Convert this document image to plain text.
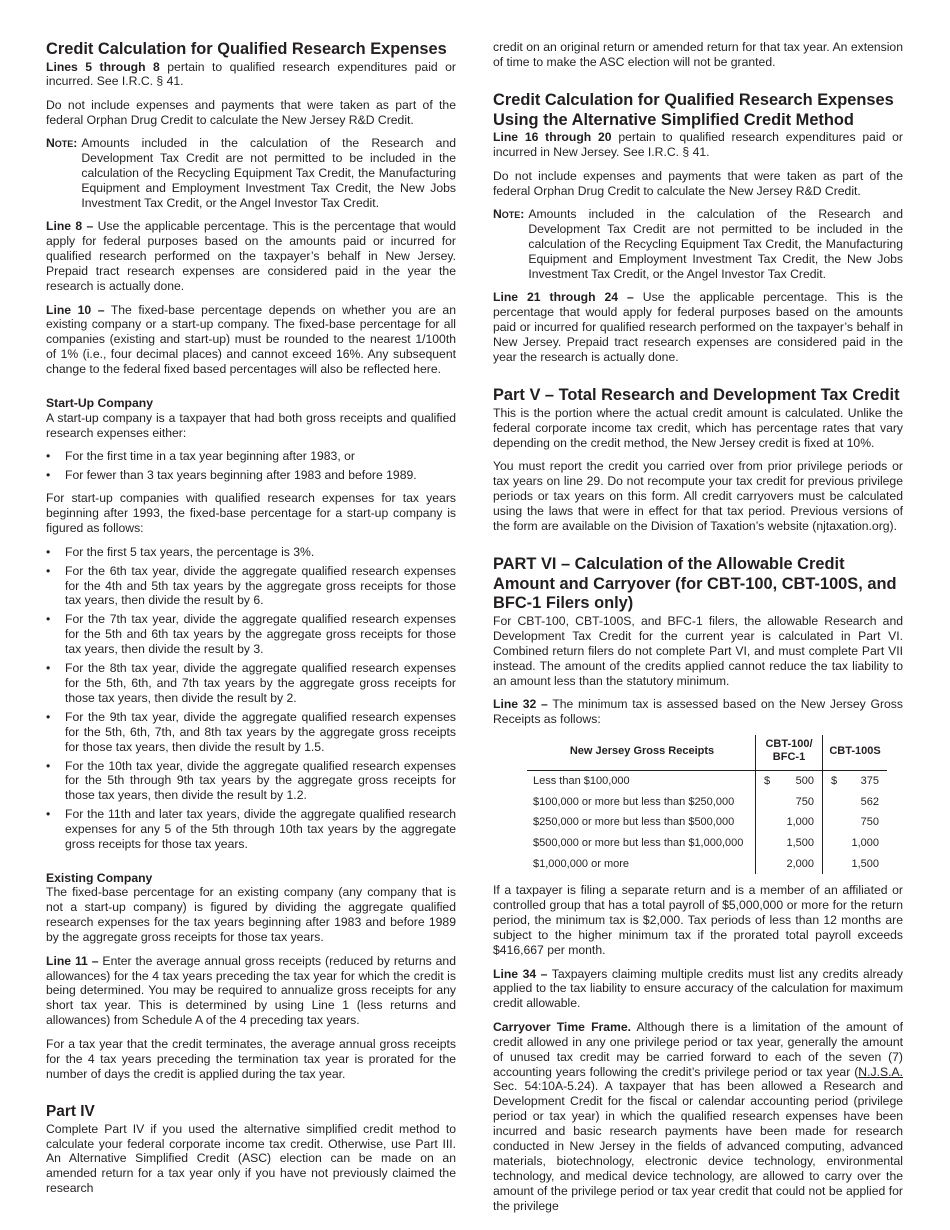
Credit Calculation for Qualified Research Expenses

Lines 5 through 8 pertain to qualified research expenditures paid or incurred. See I.R.C. § 41.

Do not include expenses and payments that were taken as part of the federal Orphan Drug Credit to calculate the New Jersey R&D Credit.

Note: Amounts included in the calculation of the Research and Development Tax Credit are not permitted to be included in the calculation of the Recycling Equipment Tax Credit, the Manufacturing Equipment and Employment Investment Tax Credit, the New Jobs Investment Tax Credit, or the Angel Investor Tax Credit.

Line 8 – Use the applicable percentage. This is the percentage that would apply for federal purposes based on the amounts paid or incurred for qualified research performed on the taxpayer’s behalf in New Jersey. Prepaid tract research expenses are considered paid in the year the research is actually done.

Line 10 – The fixed-base percentage depends on whether you are an existing company or a start-up company. The fixed-base percentage for all companies (existing and start-up) must be rounded to the nearest 1/100th of 1% (i.e., four decimal places) and cannot exceed 16%. Any subsequent change to the federal fixed based percentages will also be reflected here.

Start-Up Company

A start-up company is a taxpayer that had both gross receipts and qualified research expenses either:

• For the first time in a tax year beginning after 1983, or
• For fewer than 3 tax years beginning after 1983 and before 1989.

For start-up companies with qualified research expenses for tax years beginning after 1993, the fixed-base percentage for a start-up company is figured as follows:

• For the first 5 tax years, the percentage is 3%.
• For the 6th tax year, divide the aggregate qualified research expenses for the 4th and 5th tax years by the aggregate gross receipts for those tax years, then divide the result by 6.
• For the 7th tax year, divide the aggregate qualified research expenses for the 5th and 6th tax years by the aggregate gross receipts for those tax years, then divide the result by 3.
• For the 8th tax year, divide the aggregate qualified research expenses for the 5th, 6th, and 7th tax years by the aggregate gross receipts for those tax years, then divide the result by 2.
• For the 9th tax year, divide the aggregate qualified research expenses for the 5th, 6th, 7th, and 8th tax years by the aggregate gross receipts for those tax years, then divide the result by 1.5.
• For the 10th tax year, divide the aggregate qualified research expenses for the 5th through 9th tax years by the aggregate gross receipts for those tax years, then divide the result by 1.2.
• For the 11th and later tax years, divide the aggregate qualified research expenses for any 5 of the 5th through 10th tax years by the aggregate gross receipts for those tax years.
Existing Company

The fixed-base percentage for an existing company (any company that is not a start-up company) is figured by dividing the aggregate qualified research expenses for the tax years beginning after 1983 and before 1989 by the aggregate gross receipts for those tax years.

Line 11 – Enter the average annual gross receipts (reduced by returns and allowances) for the 4 tax years preceding the tax year for which the credit is being determined. You may be required to annualize gross receipts for any short tax year. This is determined by using Line 1 (less returns and allowances) from Schedule A of the 4 preceding tax years.

For a tax year that the credit terminates, the average annual gross receipts for the 4 tax years preceding the termination tax year is prorated for the number of days the credit is applied during the tax year.

Part IV

Complete Part IV if you used the alternative simplified credit method to calculate your federal corporate income tax credit. Otherwise, use Part III. An Alternative Simplified Credit (ASC) election can be made on an amended return for a tax year only if you have not previously claimed the research

credit on an original return or amended return for that tax year. An extension of time to make the ASC election will not be granted.

Credit Calculation for Qualified Research Expenses Using the Alternative Simplified Credit Method

Line 16 through 20 pertain to qualified research expenditures paid or incurred in New Jersey. See I.R.C. § 41.

Do not include expenses and payments that were taken as part of the federal Orphan Drug Credit to calculate the New Jersey R&D Credit.

Note: Amounts included in the calculation of the Research and Development Tax Credit are not permitted to be included in the calculation of the Recycling Equipment Tax Credit, the Manufacturing Equipment and Employment Investment Tax Credit, the New Jobs Investment Tax Credit, or the Angel Investor Tax Credit.

Line 21 through 24 – Use the applicable percentage. This is the percentage that would apply for federal purposes based on the amounts paid or incurred for qualified research performed on the taxpayer’s behalf in New Jersey. Prepaid tract research expenses are considered paid in the year the research is actually done.

Part V – Total Research and Development Tax Credit

This is the portion where the actual credit amount is calculated. Unlike the federal corporate income tax credit, which has percentage rates that vary depending on the credit method, the New Jersey credit is fixed at 10%.

You must report the credit you carried over from prior privilege periods or tax years on line 29. Do not recompute your tax credit for previous privilege periods or tax years on this form. All credit carryovers must be calculated using the laws that were in effect for that tax period. Previous versions of the form are available on the Division of Taxation’s website (njtaxation.org).

PART VI – Calculation of the Allowable Credit Amount and Carryover (for CBT-100, CBT-100S, and BFC-1 Filers only)

For CBT-100, CBT-100S, and BFC-1 filers, the allowable Research and Development Tax Credit for the current year is calculated in Part VI. Combined return filers do not complete Part VI, and must complete Part VII instead. The amount of the credits applied cannot reduce the tax liability to an amount less than the statutory minimum.

Line 32 – The minimum tax is assessed based on the New Jersey Gross Receipts as follows:

New Jersey Gross Receipts	CBT-100/ BFC-1	CBT-100S
Less than $100,000	$ 500	$ 375
$100,000 or more but less than $250,000	750	562
$250,000 or more but less than $500,000	1,000	750
$500,000 or more but less than $1,000,000	1,500	1,000
$1,000,000 or more	2,000	1,500

If a taxpayer is filing a separate return and is a member of an affiliated or controlled group that has a total payroll of $5,000,000 or more for the return period, the minimum tax is $2,000. Tax periods of less than 12 months are subject to the higher minimum tax if the prorated total payroll exceeds $416,667 per month.

Line 34 – Taxpayers claiming multiple credits must list any credits already applied to the tax liability to ensure accuracy of the calculation for maximum credit allowable.

Carryover Time Frame. Although there is a limitation of the amount of credit allowed in any one privilege period or tax year, generally the amount of unused tax credit may be carried forward to each of the seven (7) accounting years following the credit’s privilege period or tax year (N.J.S.A. Sec. 54:10A-5.24). A taxpayer that has been allowed a Research and Development Credit for the fiscal or calendar accounting period (privilege period or tax year) in which the qualified research expenses have been incurred and basic research payments have been made for research conducted in New Jersey in the fields of advanced computing, advanced materials, biotechnology, electronic device technology, environmental technology, and medical device technology, are allowed to carry over the amount of the privilege period or tax year credit that could not be applied for the privilege
